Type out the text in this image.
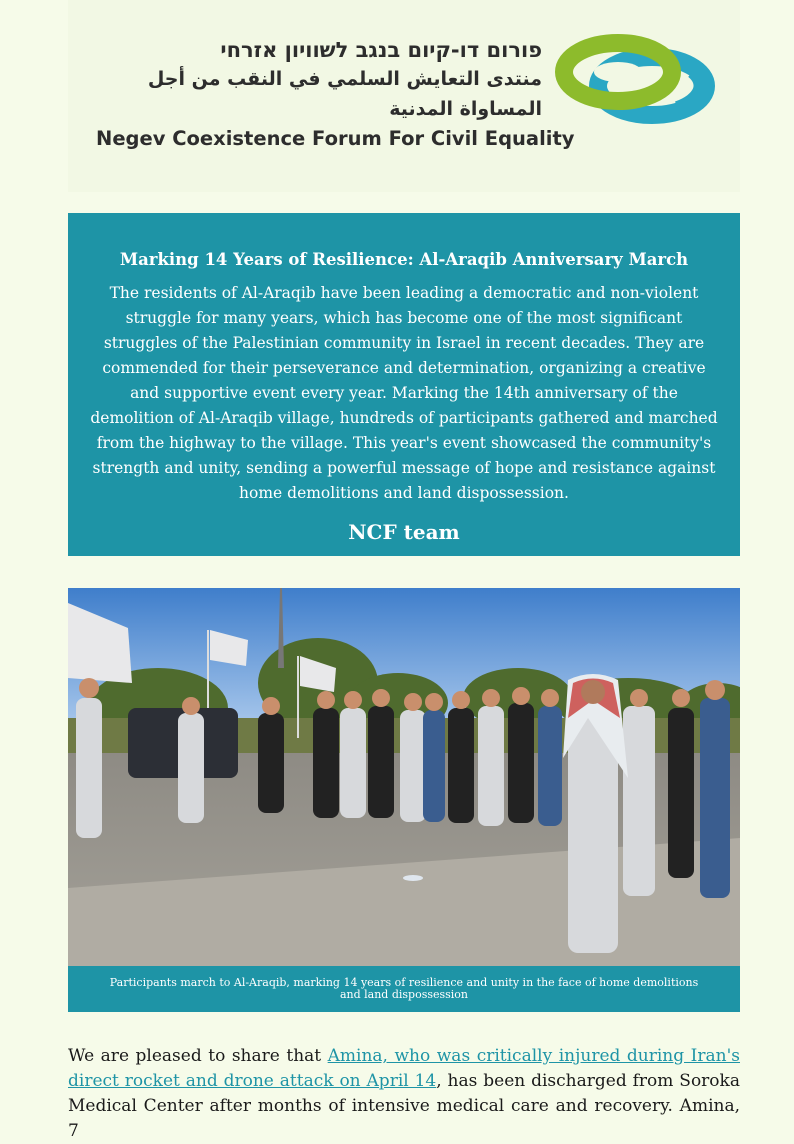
פורום דו-קיום בנגב לשוויון אזרחי
منتدى التعايش السلمي في النقب من أجل المساواة المدنية
Negev Coexistence Forum For Civil Equality
Marking 14 Years of Resilience: Al-Araqib Anniversary March
The residents of Al-Araqib have been leading a democratic and non-violent struggle for many years, which has become one of the most significant struggles of the Palestinian community in Israel in recent decades. They are commended for their perseverance and determination, organizing a creative and supportive event every year. Marking the 14th anniversary of the demolition of Al-Araqib village, hundreds of participants gathered and marched from the highway to the village. This year's event showcased the community's strength and unity, sending a powerful message of hope and resistance against home demolitions and land dispossession.
NCF team
Participants march to Al-Araqib, marking 14 years of resilience and unity in the face of home demolitions and land dispossession
We are pleased to share that Amina, who was critically injured during Iran's direct rocket and drone attack on April 14, has been discharged from Soroka Medical Center after months of intensive medical care and recovery. Amina, 7
